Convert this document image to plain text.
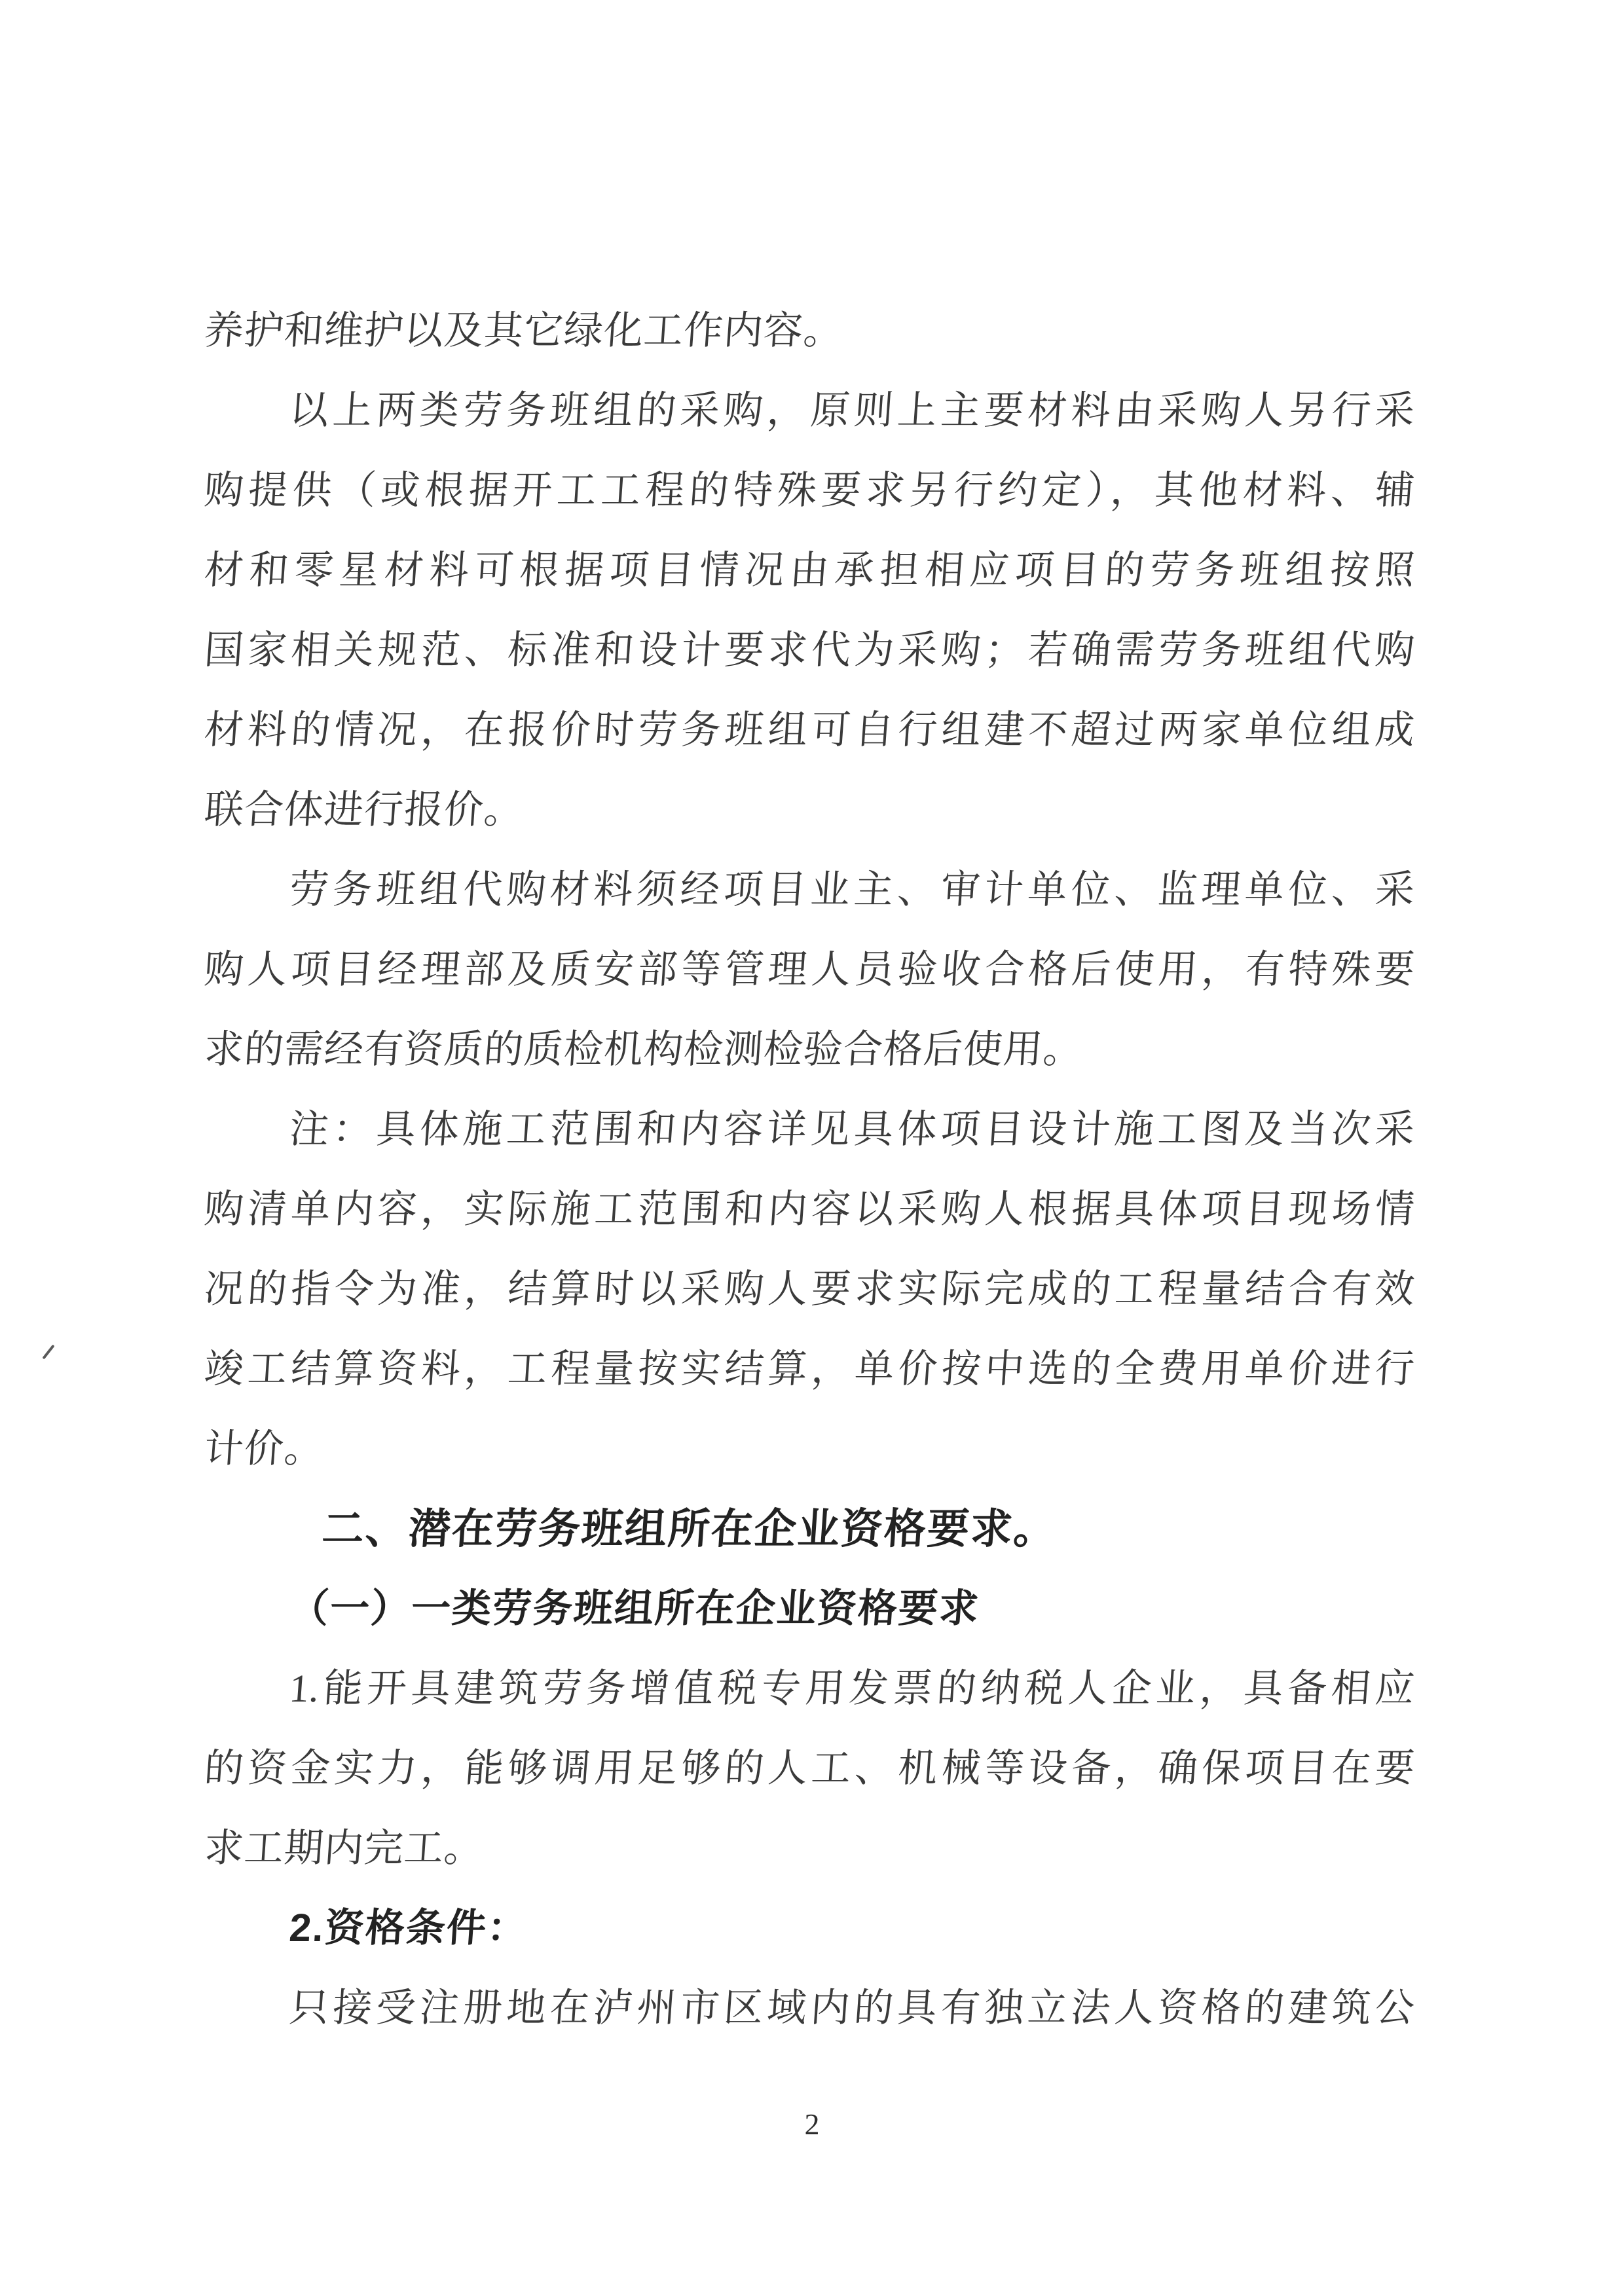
养护和维护以及其它绿化工作内容。
以上两类劳务班组的采购，原则上主要材料由采购人另行采
购提供（或根据开工工程的特殊要求另行约定），其他材料、辅
材和零星材料可根据项目情况由承担相应项目的劳务班组按照
国家相关规范、标准和设计要求代为采购；若确需劳务班组代购
材料的情况，在报价时劳务班组可自行组建不超过两家单位组成
联合体进行报价。
劳务班组代购材料须经项目业主、审计单位、监理单位、采
购人项目经理部及质安部等管理人员验收合格后使用，有特殊要
求的需经有资质的质检机构检测检验合格后使用。
注：具体施工范围和内容详见具体项目设计施工图及当次采
购清单内容，实际施工范围和内容以采购人根据具体项目现场情
况的指令为准，结算时以采购人要求实际完成的工程量结合有效
竣工结算资料，工程量按实结算，单价按中选的全费用单价进行
计价。
二、潜在劳务班组所在企业资格要求。
（一）一类劳务班组所在企业资格要求
1.能开具建筑劳务增值税专用发票的纳税人企业，具备相应
的资金实力，能够调用足够的人工、机械等设备，确保项目在要
求工期内完工。
2.资格条件：
只接受注册地在泸州市区域内的具有独立法人资格的建筑公
2
